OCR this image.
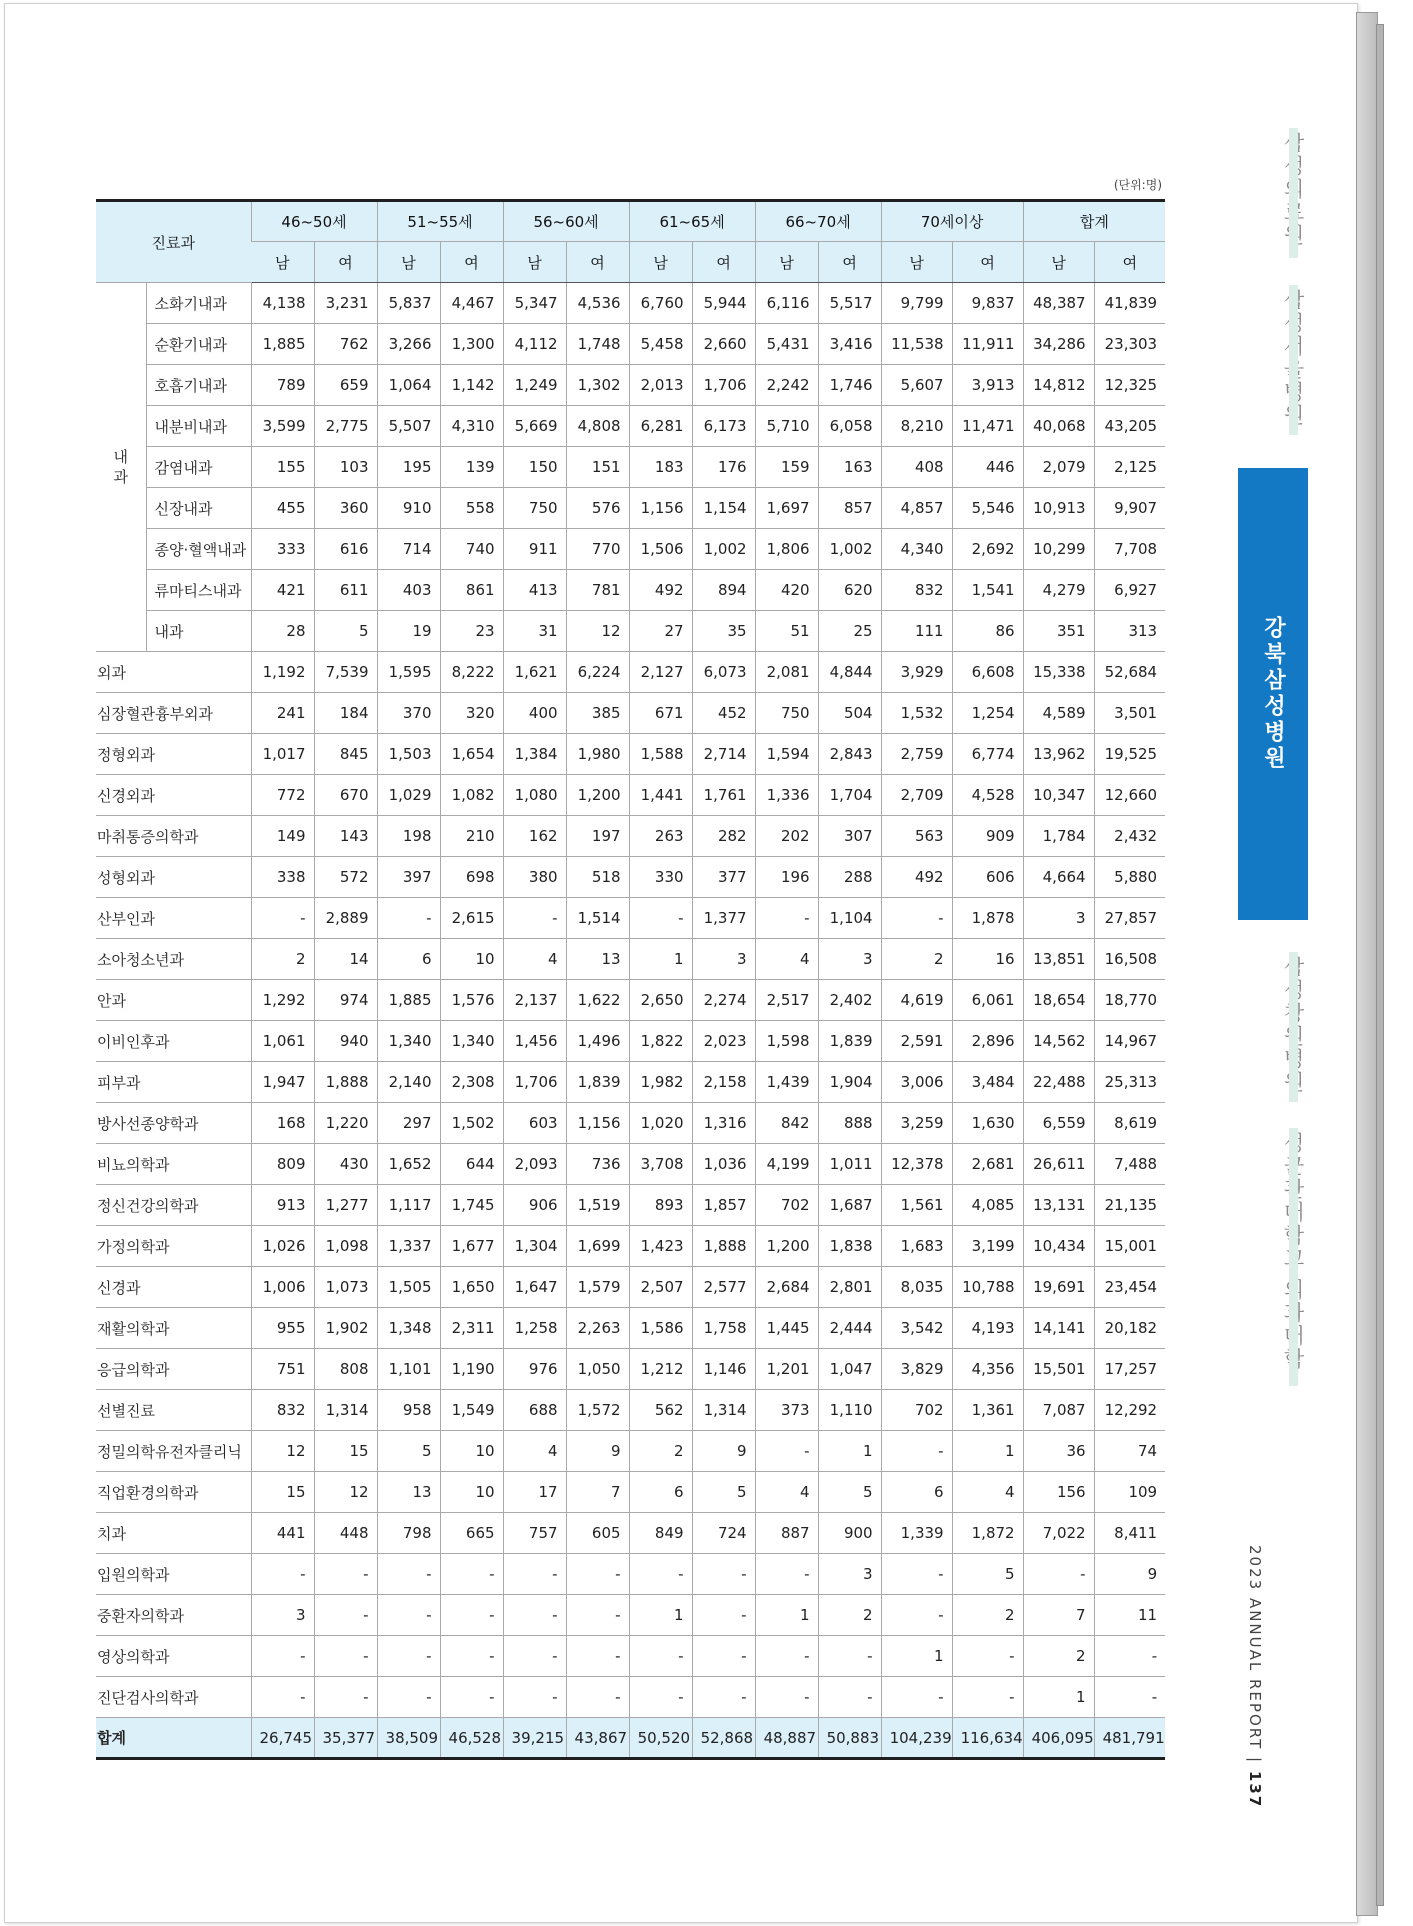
(단위:명)
진료과		46~50세		51~55세		56~60세		61~65세		66~70세		70세이상		합계	
		남	여	남	여	남	여	남	여	남	여	남	여	남	여
내
과	소화기내과	4,138	3,231	5,837	4,467	5,347	4,536	6,760	5,944	6,116	5,517	9,799	9,837	48,387	41,839
	순환기내과	1,885	762	3,266	1,300	4,112	1,748	5,458	2,660	5,431	3,416	11,538	11,911	34,286	23,303
	호흡기내과	789	659	1,064	1,142	1,249	1,302	2,013	1,706	2,242	1,746	5,607	3,913	14,812	12,325
	내분비내과	3,599	2,775	5,507	4,310	5,669	4,808	6,281	6,173	5,710	6,058	8,210	11,471	40,068	43,205
	감염내과	155	103	195	139	150	151	183	176	159	163	408	446	2,079	2,125
	신장내과	455	360	910	558	750	576	1,156	1,154	1,697	857	4,857	5,546	10,913	9,907
	종양·혈액내과	333	616	714	740	911	770	1,506	1,002	1,806	1,002	4,340	2,692	10,299	7,708
	류마티스내과	421	611	403	861	413	781	492	894	420	620	832	1,541	4,279	6,927
	내과	28	5	19	23	31	12	27	35	51	25	111	86	351	313
외과		1,192	7,539	1,595	8,222	1,621	6,224	2,127	6,073	2,081	4,844	3,929	6,608	15,338	52,684
심장혈관흉부외과		241	184	370	320	400	385	671	452	750	504	1,532	1,254	4,589	3,501
정형외과		1,017	845	1,503	1,654	1,384	1,980	1,588	2,714	1,594	2,843	2,759	6,774	13,962	19,525
신경외과		772	670	1,029	1,082	1,080	1,200	1,441	1,761	1,336	1,704	2,709	4,528	10,347	12,660
마취통증의학과		149	143	198	210	162	197	263	282	202	307	563	909	1,784	2,432
성형외과		338	572	397	698	380	518	330	377	196	288	492	606	4,664	5,880
산부인과		-	2,889	-	2,615	-	1,514	-	1,377	-	1,104	-	1,878	3	27,857
소아청소년과		2	14	6	10	4	13	1	3	4	3	2	16	13,851	16,508
안과		1,292	974	1,885	1,576	2,137	1,622	2,650	2,274	2,517	2,402	4,619	6,061	18,654	18,770
이비인후과		1,061	940	1,340	1,340	1,456	1,496	1,822	2,023	1,598	1,839	2,591	2,896	14,562	14,967
피부과		1,947	1,888	2,140	2,308	1,706	1,839	1,982	2,158	1,439	1,904	3,006	3,484	22,488	25,313
방사선종양학과		168	1,220	297	1,502	603	1,156	1,020	1,316	842	888	3,259	1,630	6,559	8,619
비뇨의학과		809	430	1,652	644	2,093	736	3,708	1,036	4,199	1,011	12,378	2,681	26,611	7,488
정신건강의학과		913	1,277	1,117	1,745	906	1,519	893	1,857	702	1,687	1,561	4,085	13,131	21,135
가정의학과		1,026	1,098	1,337	1,677	1,304	1,699	1,423	1,888	1,200	1,838	1,683	3,199	10,434	15,001
신경과		1,006	1,073	1,505	1,650	1,647	1,579	2,507	2,577	2,684	2,801	8,035	10,788	19,691	23,454
재활의학과		955	1,902	1,348	2,311	1,258	2,263	1,586	1,758	1,445	2,444	3,542	4,193	14,141	20,182
응급의학과		751	808	1,101	1,190	976	1,050	1,212	1,146	1,201	1,047	3,829	4,356	15,501	17,257
선별진료		832	1,314	958	1,549	688	1,572	562	1,314	373	1,110	702	1,361	7,087	12,292
정밀의학유전자클리닉		12	15	5	10	4	9	2	9	-	1	-	1	36	74
직업환경의학과		15	12	13	10	17	7	6	5	4	5	6	4	156	109
치과		441	448	798	665	757	605	849	724	887	900	1,339	1,872	7,022	8,411
입원의학과		-	-	-	-	-	-	-	-	-	3	-	5	-	9
중환자의학과		3	-	-	-	-	-	1	-	1	2	-	2	7	11
영상의학과		-	-	-	-	-	-	-	-	-	-	1	-	2	-
진단검사의학과		-	-	-	-	-	-	-	-	-	-	-	-	1	-
합계		26,745	35,377	38,509	46,528	39,215	43,867	50,520	52,868	48,887	50,883	104,239	116,634	406,095	481,791
강북삼성병원
2023 ANNUAL REPORT | 137
